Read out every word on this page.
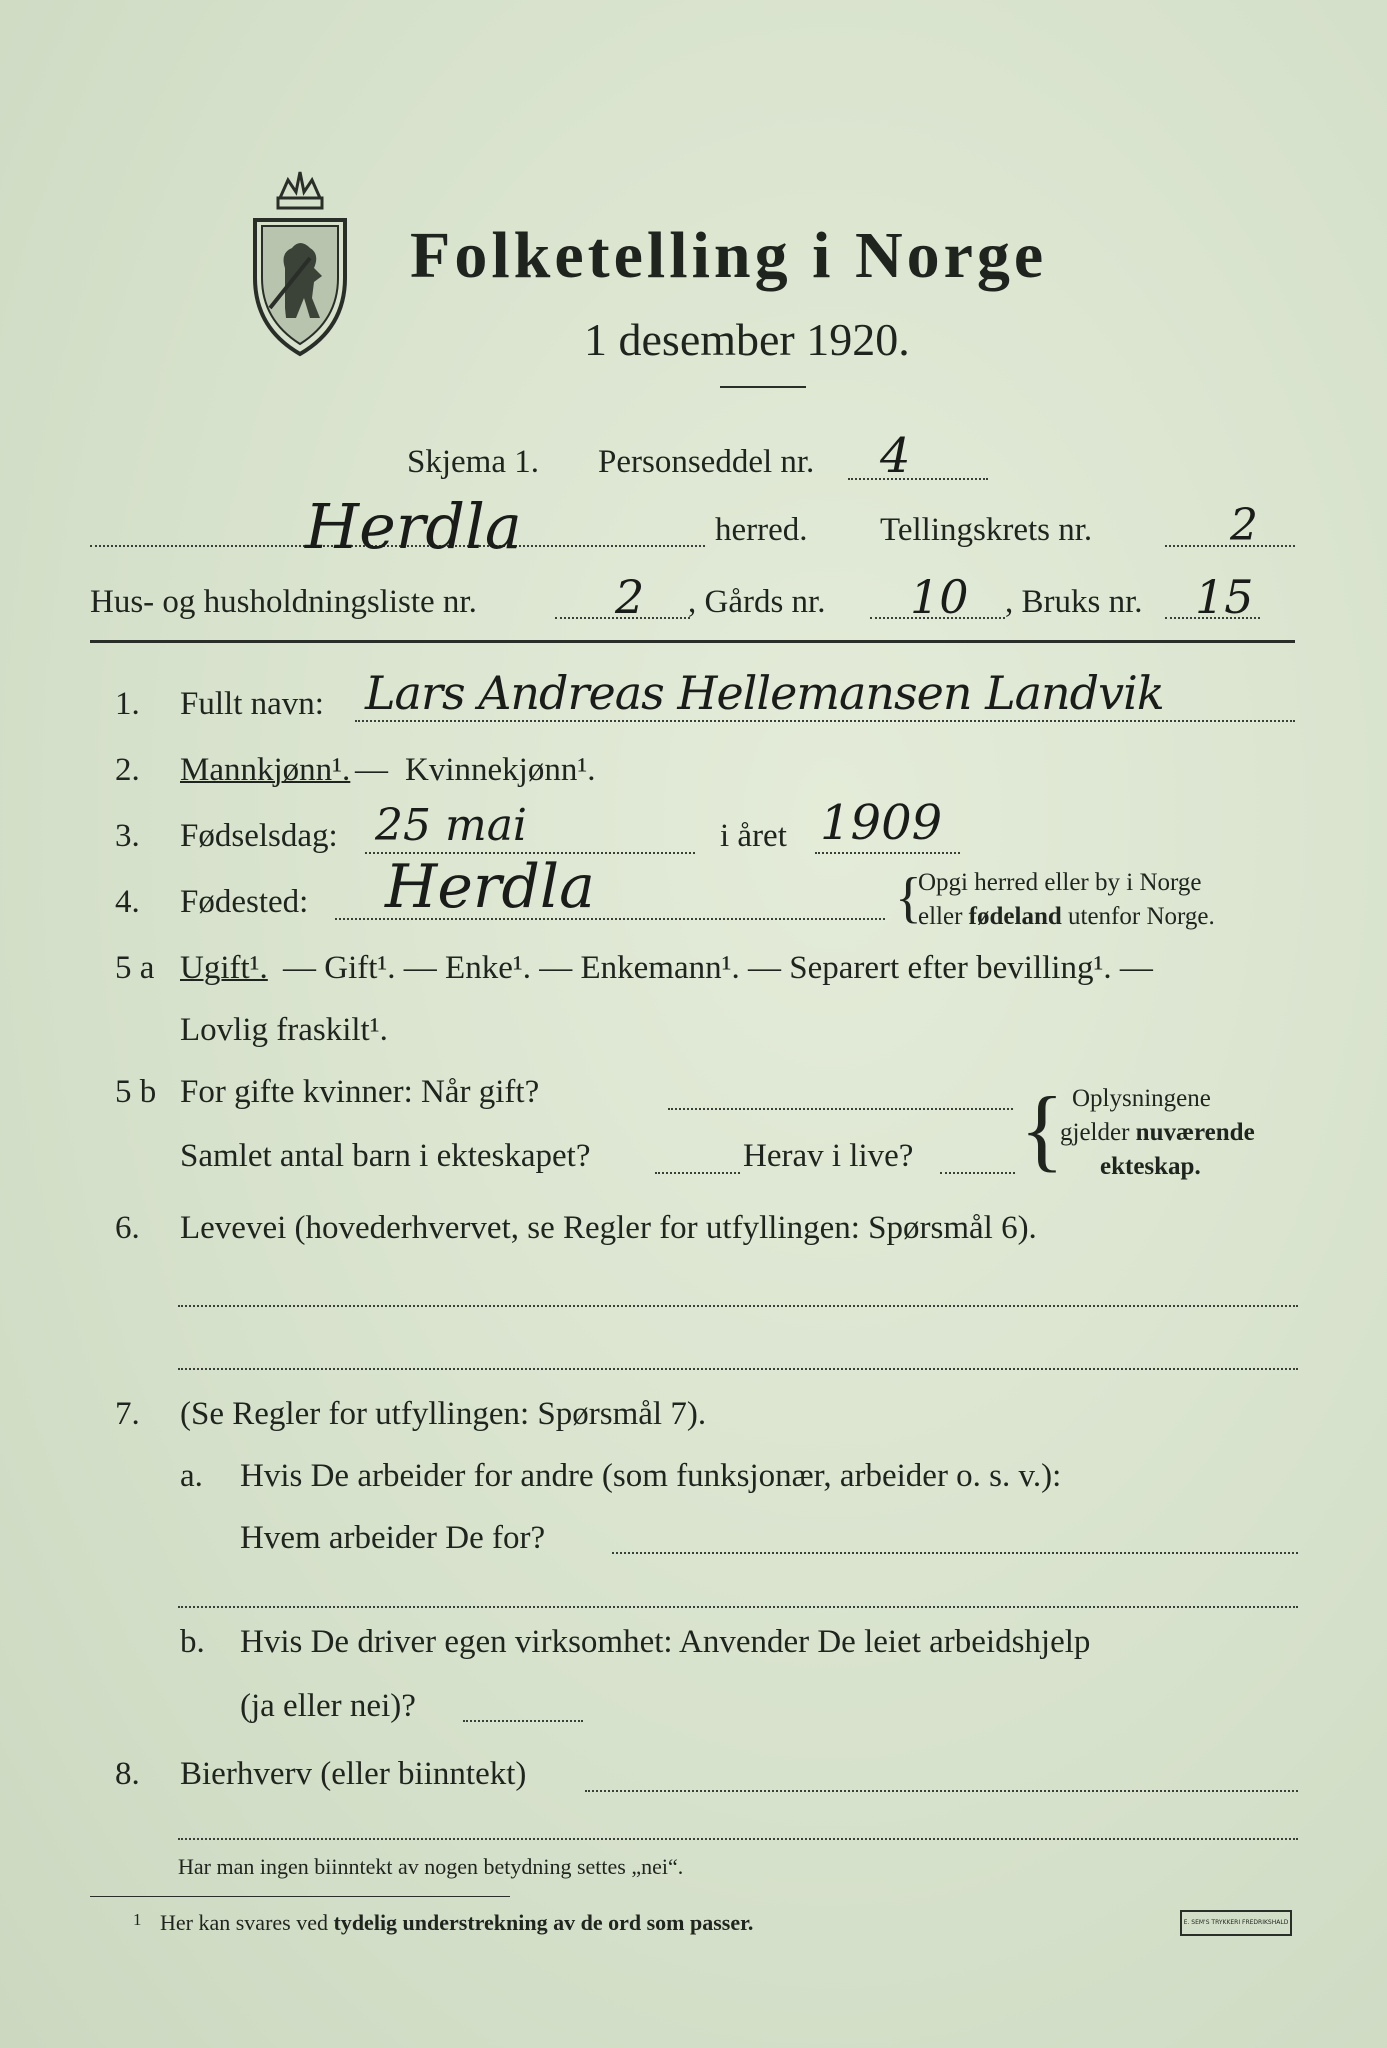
Folketelling i Norge
1 desember 1920.
Skjema 1. Personseddel nr. 4
Herdla	herred. Tellingskrets nr.	2
Hus- og husholdningsliste nr.	2 , Gårds nr. 10 , Bruks nr. 15
1. Fullt navn: Lars Andreas Hellemansen Landvik
2. Mannkjønn¹. — Kvinnekjønn¹.
3. Fødselsdag: 25 mai	i året 1909
4. Fødested: Herdla	{
Opgi herred eller by i Norge
eller fødeland utenfor Norge.
5 a Ugift¹. — Gift¹. — Enke¹. — Enkemann¹. — Separert efter bevilling¹. —
Lovlig fraskilt¹.
5 b For gifte kvinner: Når gift?
Samlet antal barn i ekteskapet?	Herav i live? { Oplysningene
gjelder nuværende
ekteskap.
6. Levevei (hovederhvervet, se Regler for utfyllingen: Spørsmål 6).
7. (Se Regler for utfyllingen: Spørsmål 7).
a. Hvis De arbeider for andre (som funksjonær, arbeider o. s. v.):
Hvem arbeider De for?
b. Hvis De driver egen virksomhet: Anvender De leiet arbeidshjelp
(ja eller nei)?
8. Bierhverv (eller biinntekt)
Har man ingen biinntekt av nogen betydning settes „nei“.
1 Her kan svares ved tydelig understrekning av de ord som passer.	E. SEM'S TRYKKERI FREDRIKSHALD
